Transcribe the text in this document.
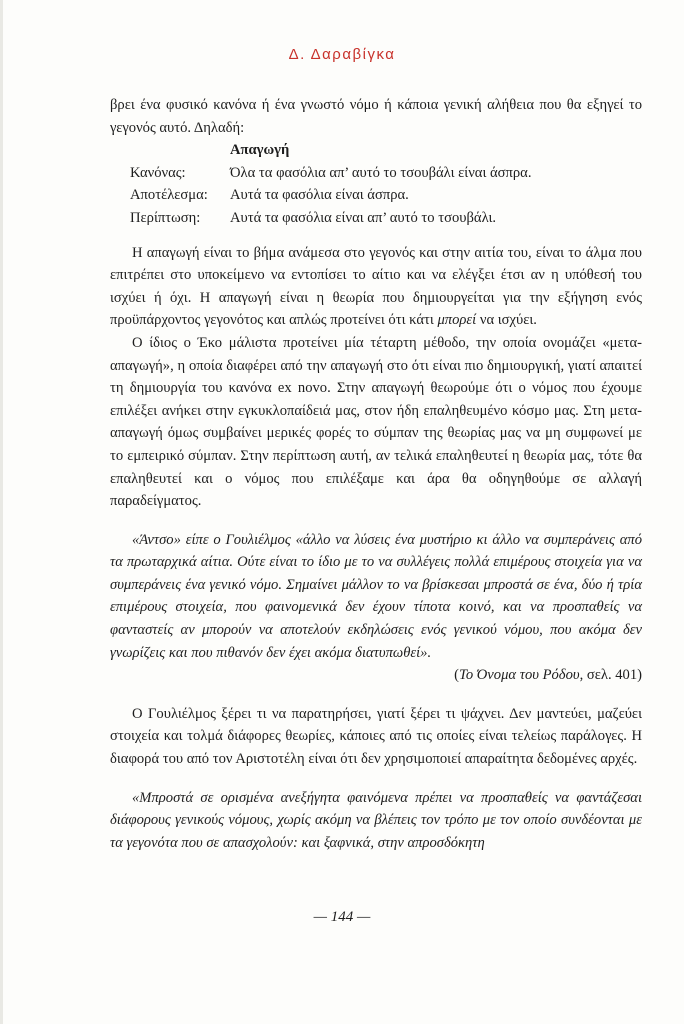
Δ. Δαραβίγκα

βρει ένα φυσικό κανόνα ή ένα γνωστό νόμο ή κάποια γενική αλήθεια που θα εξηγεί το γεγονός αυτό. Δηλαδή:

Απαγωγή
Κανόνας:	Όλα τα φασόλια απ’ αυτό το τσουβάλι είναι άσπρα.
Αποτέλεσμα:	Αυτά τα φασόλια είναι άσπρα.
Περίπτωση:	Αυτά τα φασόλια είναι απ’ αυτό το τσουβάλι.

Η απαγωγή είναι το βήμα ανάμεσα στο γεγονός και στην αιτία του, είναι το άλμα που επιτρέπει στο υποκείμενο να εντοπίσει το αίτιο και να ελέγξει έτσι αν η υπόθεσή του ισχύει ή όχι. Η απαγωγή είναι η θεωρία που δημιουργείται για την εξήγηση ενός προϋπάρχοντος γεγονότος και απλώς προτείνει ότι κάτι μπορεί να ισχύει.

Ο ίδιος ο Έκο μάλιστα προτείνει μία τέταρτη μέθοδο, την οποία ονομάζει «μετα-απαγωγή», η οποία διαφέρει από την απαγωγή στο ότι είναι πιο δημιουργική, γιατί απαιτεί τη δημιουργία του κανόνα ex novo. Στην απαγωγή θεωρούμε ότι ο νόμος που έχουμε επιλέξει ανήκει στην εγκυκλοπαίδειά μας, στον ήδη επαληθευμένο κόσμο μας. Στη μετα-απαγωγή όμως συμβαίνει μερικές φορές το σύμπαν της θεωρίας μας να μη συμφωνεί με το εμπειρικό σύμπαν. Στην περίπτωση αυτή, αν τελικά επαληθευτεί η θεωρία μας, τότε θα επαληθευτεί και ο νόμος που επιλέξαμε και άρα θα οδηγηθούμε σε αλλαγή παραδείγματος.

«Άντσο» είπε ο Γουλιέλμος «άλλο να λύσεις ένα μυστήριο κι άλλο να συμπεράνεις από τα πρωταρχικά αίτια. Ούτε είναι το ίδιο με το να συλλέγεις πολλά επιμέρους στοιχεία για να συμπεράνεις ένα γενικό νόμο. Σημαίνει μάλλον το να βρίσκεσαι μπροστά σε ένα, δύο ή τρία επιμέρους στοιχεία, που φαινομενικά δεν έχουν τίποτα κοινό, και να προσπαθείς να φανταστείς αν μπορούν να αποτελούν εκδηλώσεις ενός γενικού νόμου, που ακόμα δεν γνωρίζεις και που πιθανόν δεν έχει ακόμα διατυπωθεί».

(Το Όνομα του Ρόδου, σελ. 401)

Ο Γουλιέλμος ξέρει τι να παρατηρήσει, γιατί ξέρει τι ψάχνει. Δεν μαντεύει, μαζεύει στοιχεία και τολμά διάφορες θεωρίες, κάποιες από τις οποίες είναι τελείως παράλογες. Η διαφορά του από τον Αριστοτέλη είναι ότι δεν χρησιμοποιεί απαραίτητα δεδομένες αρχές.

«Μπροστά σε ορισμένα ανεξήγητα φαινόμενα πρέπει να προσπαθείς να φαντάζεσαι διάφορους γενικούς νόμους, χωρίς ακόμη να βλέπεις τον τρόπο με τον οποίο συνδέονται με τα γεγονότα που σε απασχολούν: και ξαφνικά, στην απροσδόκητη

— 144 —
